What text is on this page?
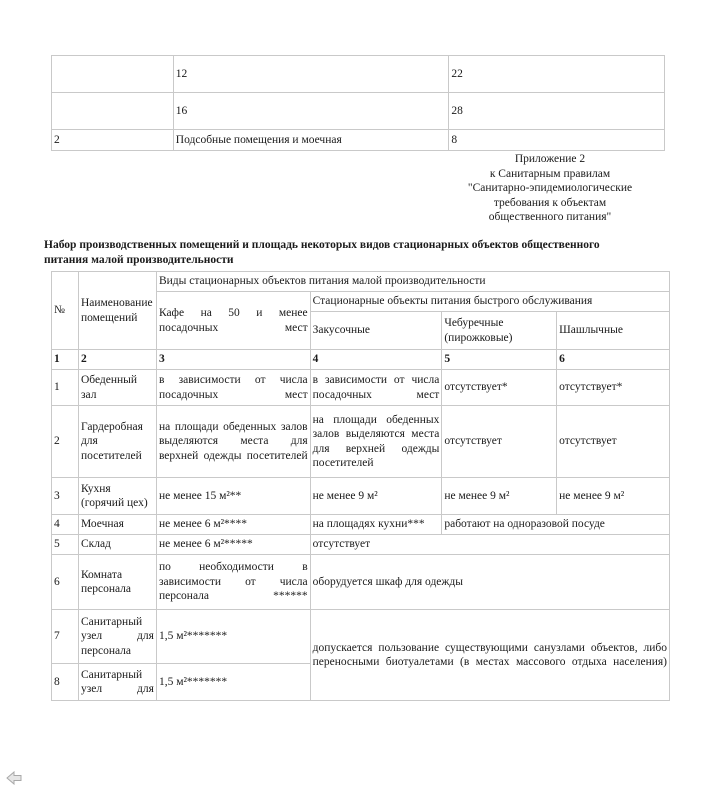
	12	22
	16	28
2	Подсобные помещения и моечная	8
Приложение 2
к Санитарным правилам
"Санитарно-эпидемиологические
требования к объектам
общественного питания"
Набор производственных помещений и площадь некоторых видов стационарных объектов общественного
питания малой производительности
№	Наименование помещений	Виды стационарных объектов питания малой производительности			

		Кафе на 50 и менее посадочных мест	Стационарные объекты питания быстрого обслуживания		
			Закусочные	Чебуречные (пирожковые)	Шашлычные
1	2	3	4	5	6
1	Обеденный зал	в зависимости от числа посадочных мест	в зависимости от числа посадочных мест	отсутствует*	отсутствует*
2	Гардеробная для посетителей	на площади обеденных залов выделяются места для верхней одежды посетителей	на площади обеденных залов выделяются места для верхней одежды посетителей	отсутствует	отсутствует
3	Кухня (горячий цех)	не менее 15 м²**	не менее 9 м²	не менее 9 м²	не менее 9 м²
4	Моечная	не менее 6 м²****	на площадях кухни***	работают на одноразовой посуде	
5	Склад	не менее 6 м²*****	отсутствует		
6	Комната персонала	по необходимости в зависимости от числа персонала ******	оборудуется шкаф для одежды		
7	Санитарный узел для персонала	1,5 м²*******	допускается пользование существующими санузлами объектов, либо переносными биотуалетами (в местах массового отдыха населения)		

8	Санитарный узел для	1,5 м²*******			
